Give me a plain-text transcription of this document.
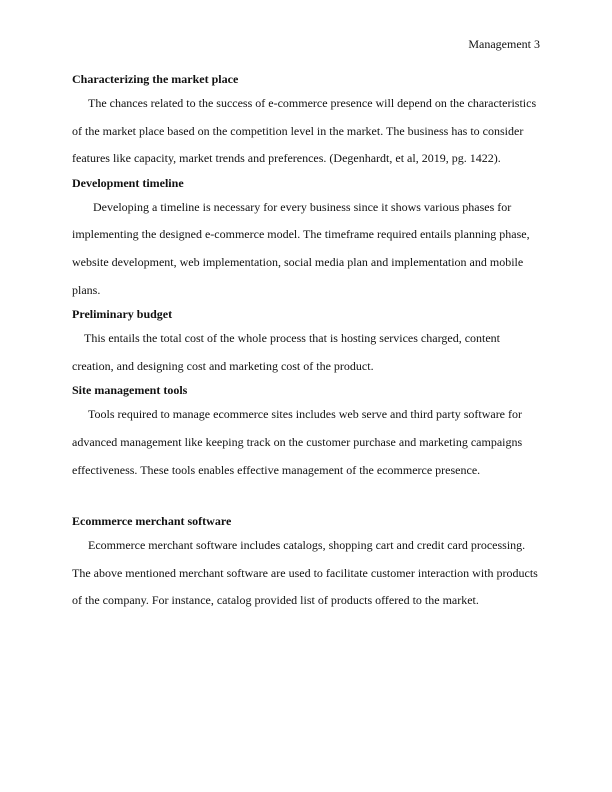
Management 3

Characterizing the market place

The chances related to the success of e-commerce presence will depend on the characteristics
of the market place based on the competition level in the market. The business has to consider
features like capacity, market trends and preferences. (Degenhardt, et al, 2019, pg. 1422).

Development timeline

Developing a timeline is necessary for every business since it shows various phases for
implementing the designed e-commerce model. The timeframe required entails planning phase,
website development, web implementation, social media plan and implementation and mobile
plans.

Preliminary budget

This entails the total cost of the whole process that is hosting services charged, content
creation, and designing cost and marketing cost of the product.

Site management tools

Tools required to manage ecommerce sites includes web serve and third party software for
advanced management like keeping track on the customer purchase and marketing campaigns
effectiveness. These tools enables effective management of the ecommerce presence.

Ecommerce merchant software

Ecommerce merchant software includes catalogs, shopping cart and credit card processing.
The above mentioned merchant software are used to facilitate customer interaction with products
of the company. For instance, catalog provided list of products offered to the market.
